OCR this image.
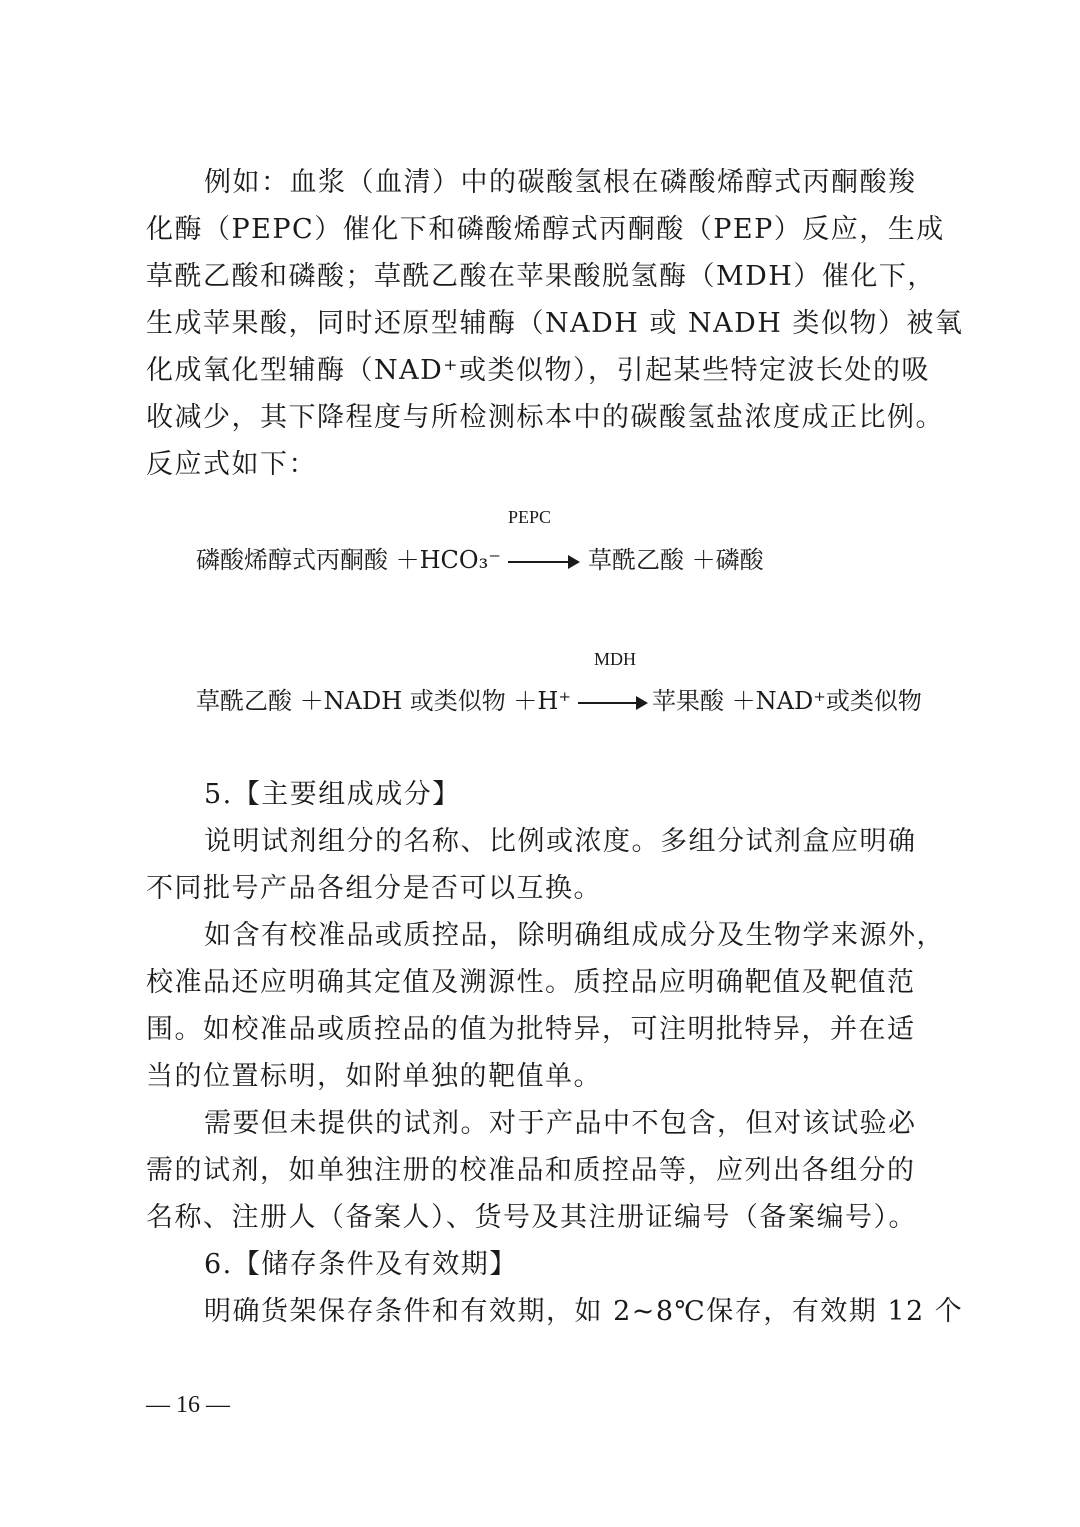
例如：血浆（血清）中的碳酸氢根在磷酸烯醇式丙酮酸羧
化酶（PEPC）催化下和磷酸烯醇式丙酮酸（PEP）反应，生成
草酰乙酸和磷酸；草酰乙酸在苹果酸脱氢酶（MDH）催化下，
生成苹果酸，同时还原型辅酶（NADH 或 NADH 类似物）被氧
化成氧化型辅酶（NAD⁺或类似物），引起某些特定波长处的吸
收减少，其下降程度与所检测标本中的碳酸氢盐浓度成正比例。
反应式如下：
PEPC
磷酸烯醇式丙酮酸 ＋HCO₃⁻	草酰乙酸 ＋磷酸
MDH
草酰乙酸 ＋NADH 或类似物 ＋H⁺	苹果酸 ＋NAD⁺或类似物
5.【主要组成成分】
说明试剂组分的名称、比例或浓度。多组分试剂盒应明确
不同批号产品各组分是否可以互换。
如含有校准品或质控品，除明确组成成分及生物学来源外，
校准品还应明确其定值及溯源性。质控品应明确靶值及靶值范
围。如校准品或质控品的值为批特异，可注明批特异，并在适
当的位置标明，如附单独的靶值单。
需要但未提供的试剂。对于产品中不包含，但对该试验必
需的试剂，如单独注册的校准品和质控品等，应列出各组分的
名称、注册人（备案人）、货号及其注册证编号（备案编号）。
6.【储存条件及有效期】
明确货架保存条件和有效期，如 2~8℃保存，有效期 12 个
— 16 —
